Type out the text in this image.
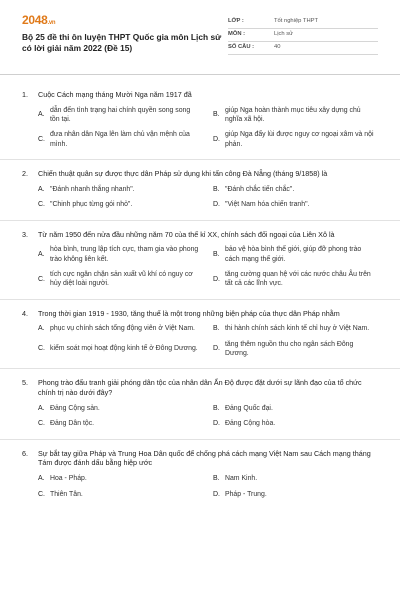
2048.vn
Bộ 25 đề thi ôn luyện THPT Quốc gia môn Lịch sử có lời giải năm 2022 (Đề 15)
LỚP :	Tốt nghiệp THPT
MÔN :	Lịch sử
SỐ CÂU :	40
1.	Cuộc Cách mạng tháng Mười Nga năm 1917 đã
A.
dẫn đến tình trạng hai chính quyền song song tồn tại.
B.
giúp Nga hoàn thành mục tiêu xây dựng chủ nghĩa xã hội.
C.
đưa nhân dân Nga lên làm chủ vận mệnh của mình.
D.
giúp Nga đẩy lùi được nguy cơ ngoại xâm và nội phản.
2.	Chiến thuật quân sự được thực dân Pháp sử dụng khi tấn công Đà Nẵng (tháng 9/1858) là
A. "Đánh nhanh thắng nhanh".	B. "Đánh chắc tiến chắc".
C. "Chinh phục từng gói nhỏ".	D. "Việt Nam hóa chiến tranh".
3.	Từ năm 1950 đến nửa đầu những năm 70 của thế kỉ XX, chính sách đối ngoại của Liên Xô là
A.
hòa bình, trung lập tích cực, tham gia vào phong trào không liên kết.
B.
bảo vệ hòa bình thế giới, giúp đỡ phong trào cách mạng thế giới.
C.
tích cực ngăn chặn sản xuất vũ khí có nguy cơ hủy diệt loài người.
D.
tăng cường quan hệ với các nước châu Âu trên tất cả các lĩnh vực.
4.	Trong thời gian 1919 - 1930, tăng thuế là một trong những biện pháp của thực dân Pháp nhằm
A. phục vụ chính sách tổng động viên ở Việt Nam.	B. thi hành chính sách kinh tế chỉ huy ở Việt Nam.
C. kiểm soát mọi hoạt động kinh tế ở Đông Dương.	D.
tăng thêm nguồn thu cho ngân sách Đông Dương.
5.	Phong trào đấu tranh giải phóng dân tộc của nhân dân Ấn Độ được đặt dưới sự lãnh đạo của tổ chức chính trị nào dưới đây?
A. Đảng Cộng sản.	B. Đảng Quốc đại.
C. Đảng Dân tộc.	D. Đảng Cộng hòa.
6.	Sự bắt tay giữa Pháp và Trung Hoa Dân quốc để chống phá cách mạng Việt Nam sau Cách mạng tháng Tám được đánh dấu bằng hiệp ước
A. Hoa - Pháp.	B. Nam Kinh.
C. Thiên Tân.	D. Pháp - Trung.
